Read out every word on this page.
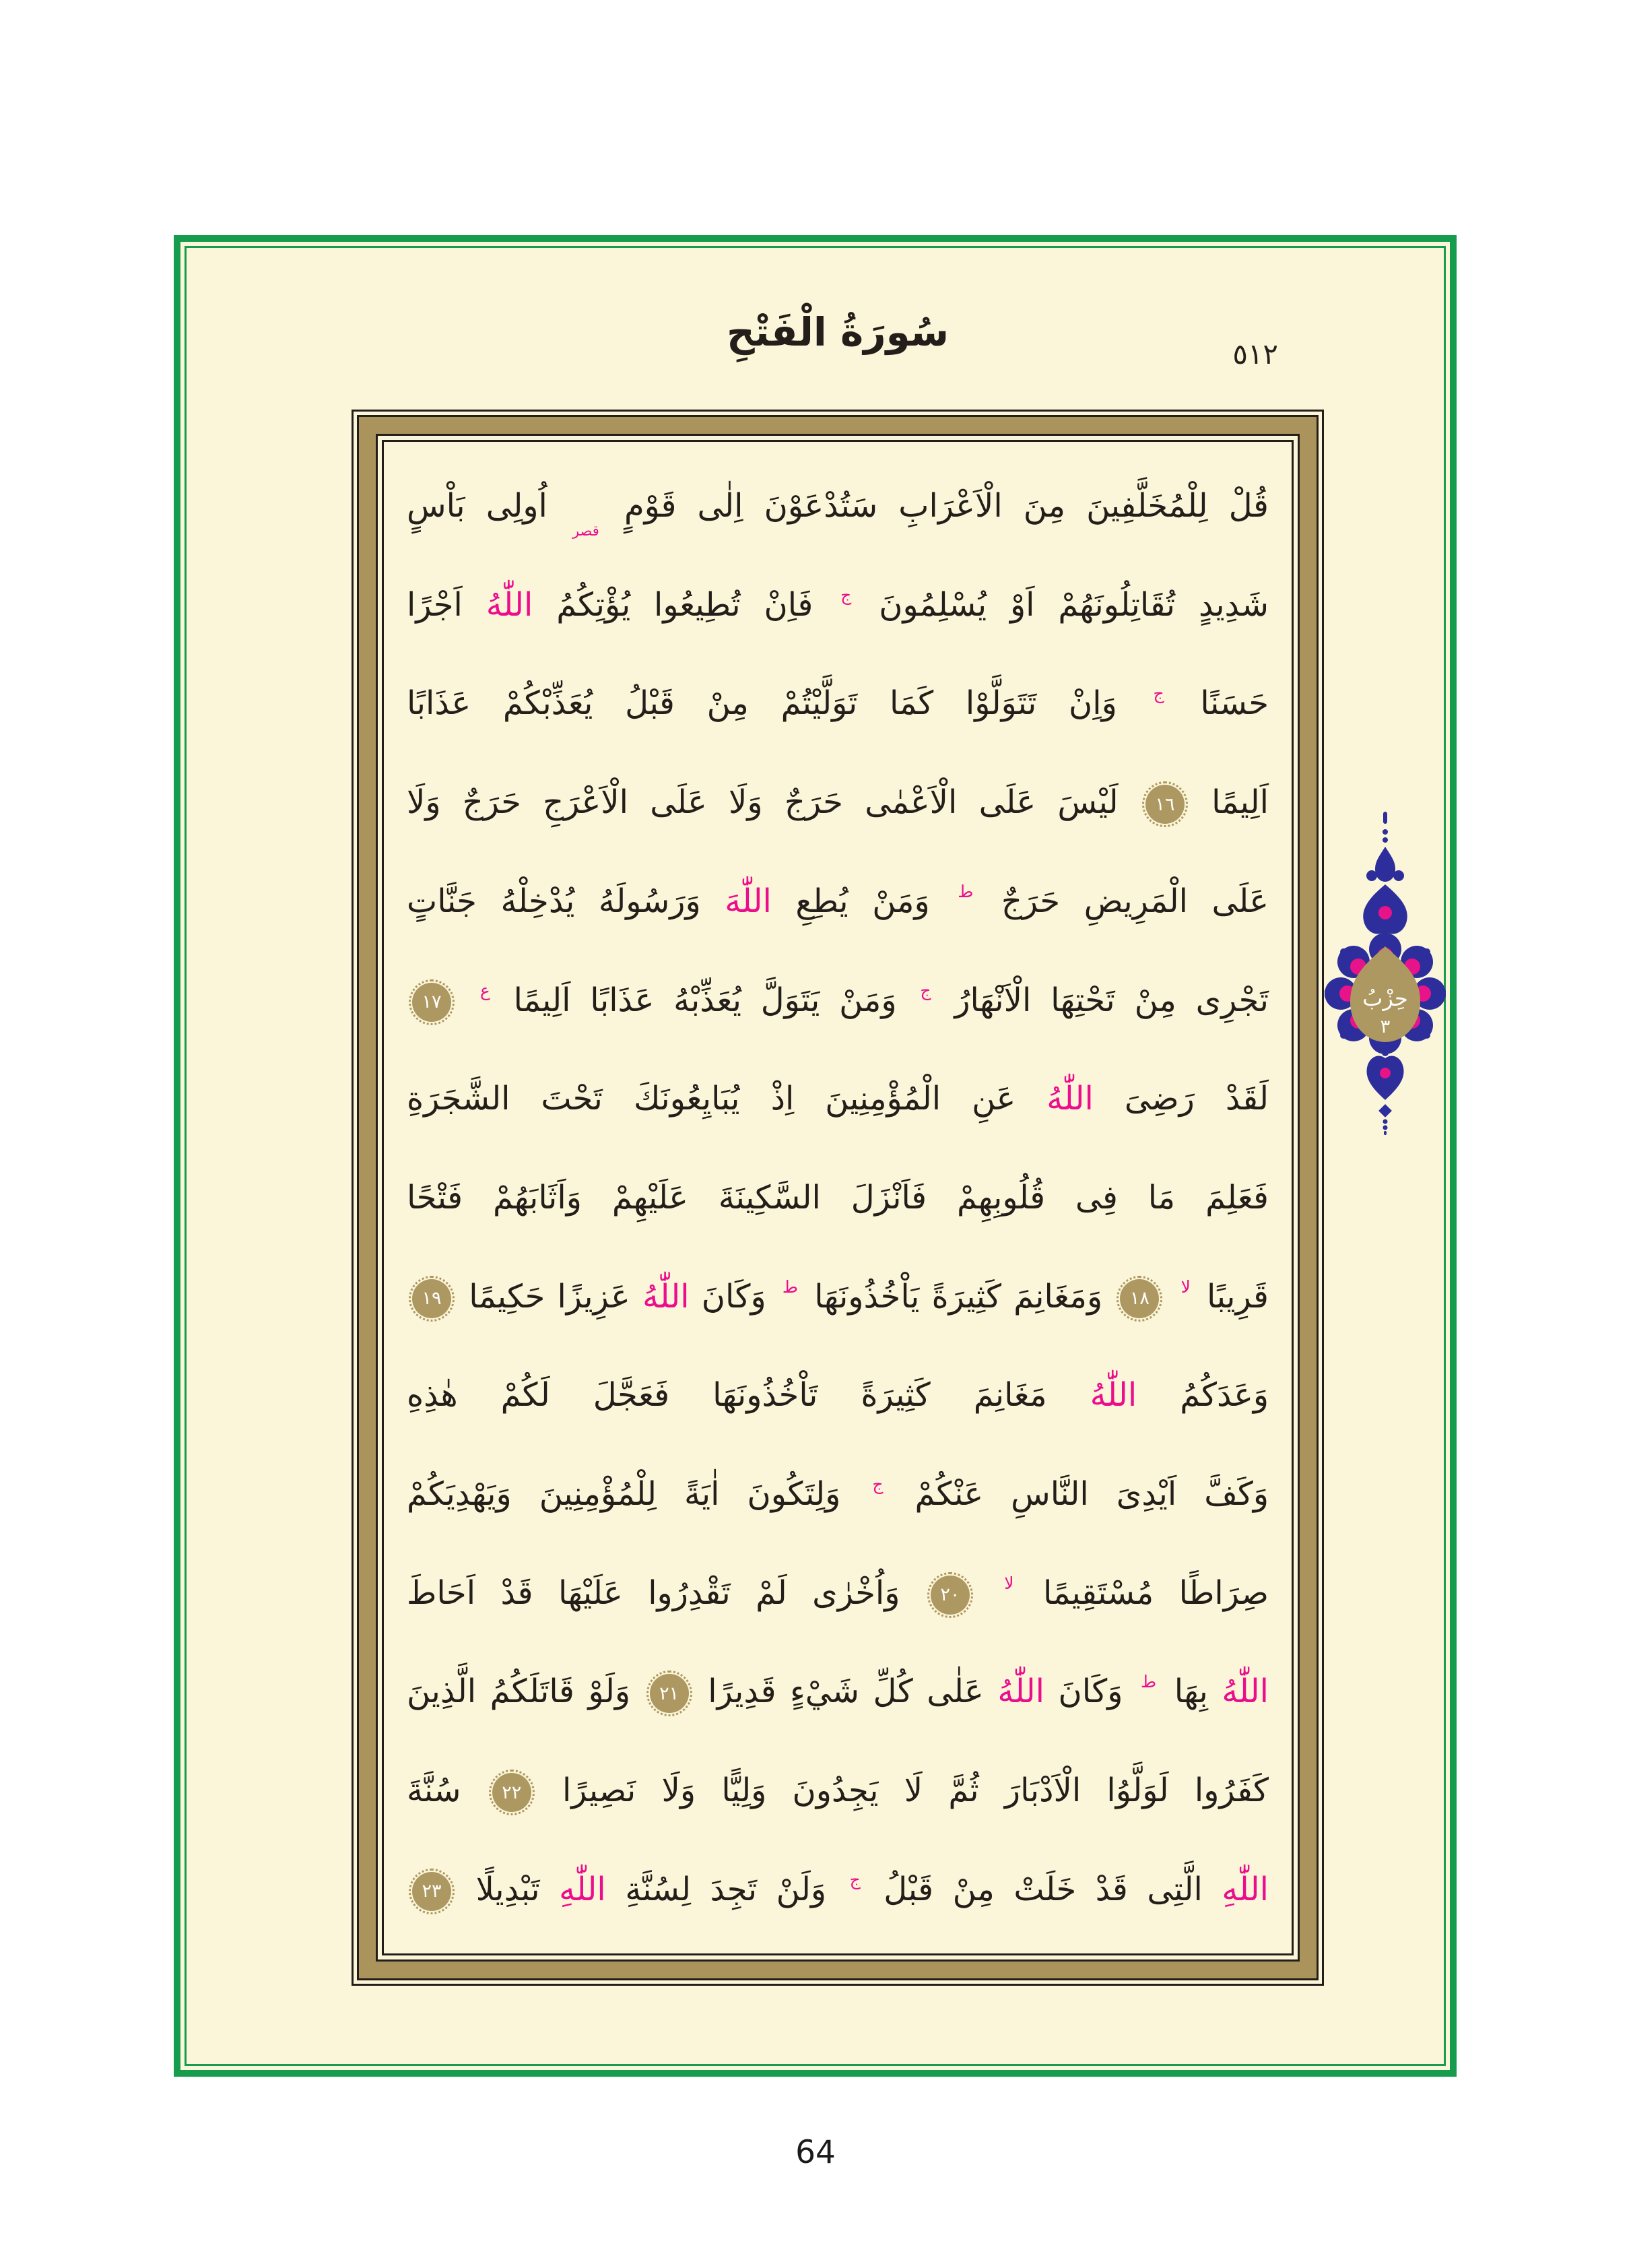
سُورَةُ الْفَتْحِ	٥١٢
قُلْ لِلْمُخَلَّفِينَ مِنَ الْاَعْرَابِ سَتُدْعَوْنَ اِلٰى قَوْمٍ $_{قصر}$ اُولِى بَاْسٍ
شَدِيدٍ تُقَاتِلُونَهُمْ اَوْ يُسْلِمُونَ $^ج$ فَاِنْ تُطِيعُوا يُؤْتِكُمُ اللّٰهُ اَجْرًا
حَسَنًا $^ج$ وَاِنْ تَتَوَلَّوْا كَمَا تَوَلَّيْتُمْ مِنْ قَبْلُ يُعَذِّبْكُمْ عَذَابًا
اَلِيمًا ١٦ لَيْسَ عَلَى الْاَعْمٰى حَرَجٌ وَلَا عَلَى الْاَعْرَجِ حَرَجٌ وَلَا
عَلَى الْمَرِيضِ حَرَجٌ $^ط$ وَمَنْ يُطِعِ اللّٰهَ وَرَسُولَهُ يُدْخِلْهُ جَنَّاتٍ
تَجْرِى مِنْ تَحْتِهَا الْاَنْهَارُ $^ج$ وَمَنْ يَتَوَلَّ يُعَذِّبْهُ عَذَابًا اَلِيمًا $^ع$ ١٧
لَقَدْ رَضِىَ اللّٰهُ عَنِ الْمُؤْمِنِينَ اِذْ يُبَايِعُونَكَ تَحْتَ الشَّجَرَةِ
فَعَلِمَ مَا فِى قُلُوبِهِمْ فَاَنْزَلَ السَّكِينَةَ عَلَيْهِمْ وَاَثَابَهُمْ فَتْحًا
قَرِيبًا $^{لا}$ ١٨ وَمَغَانِمَ كَثِيرَةً يَاْخُذُونَهَا $^ط$ وَكَانَ اللّٰهُ عَزِيزًا حَكِيمًا ١٩
وَعَدَكُمُ اللّٰهُ مَغَانِمَ كَثِيرَةً تَاْخُذُونَهَا فَعَجَّلَ لَكُمْ هٰذِهِ
وَكَفَّ اَيْدِىَ النَّاسِ عَنْكُمْ $^ج$ وَلِتَكُونَ اٰيَةً لِلْمُؤْمِنِينَ وَيَهْدِيَكُمْ
صِرَاطًا مُسْتَقِيمًا $^{لا}$ ٢٠ وَاُخْرٰى لَمْ تَقْدِرُوا عَلَيْهَا قَدْ اَحَاطَ
اللّٰهُ بِهَا $^ط$ وَكَانَ اللّٰهُ عَلٰى كُلِّ شَيْءٍ قَدِيرًا ٢١ وَلَوْ قَاتَلَكُمُ الَّذِينَ
كَفَرُوا لَوَلَّوُا الْاَدْبَارَ ثُمَّ لَا يَجِدُونَ وَلِيًّا وَلَا نَصِيرًا ٢٢ سُنَّةَ
اللّٰهِ الَّتِى قَدْ خَلَتْ مِنْ قَبْلُ $^ج$ وَلَنْ تَجِدَ لِسُنَّةِ اللّٰهِ تَبْدِيلًا ٢٣
حِزْبُ
٣
64
